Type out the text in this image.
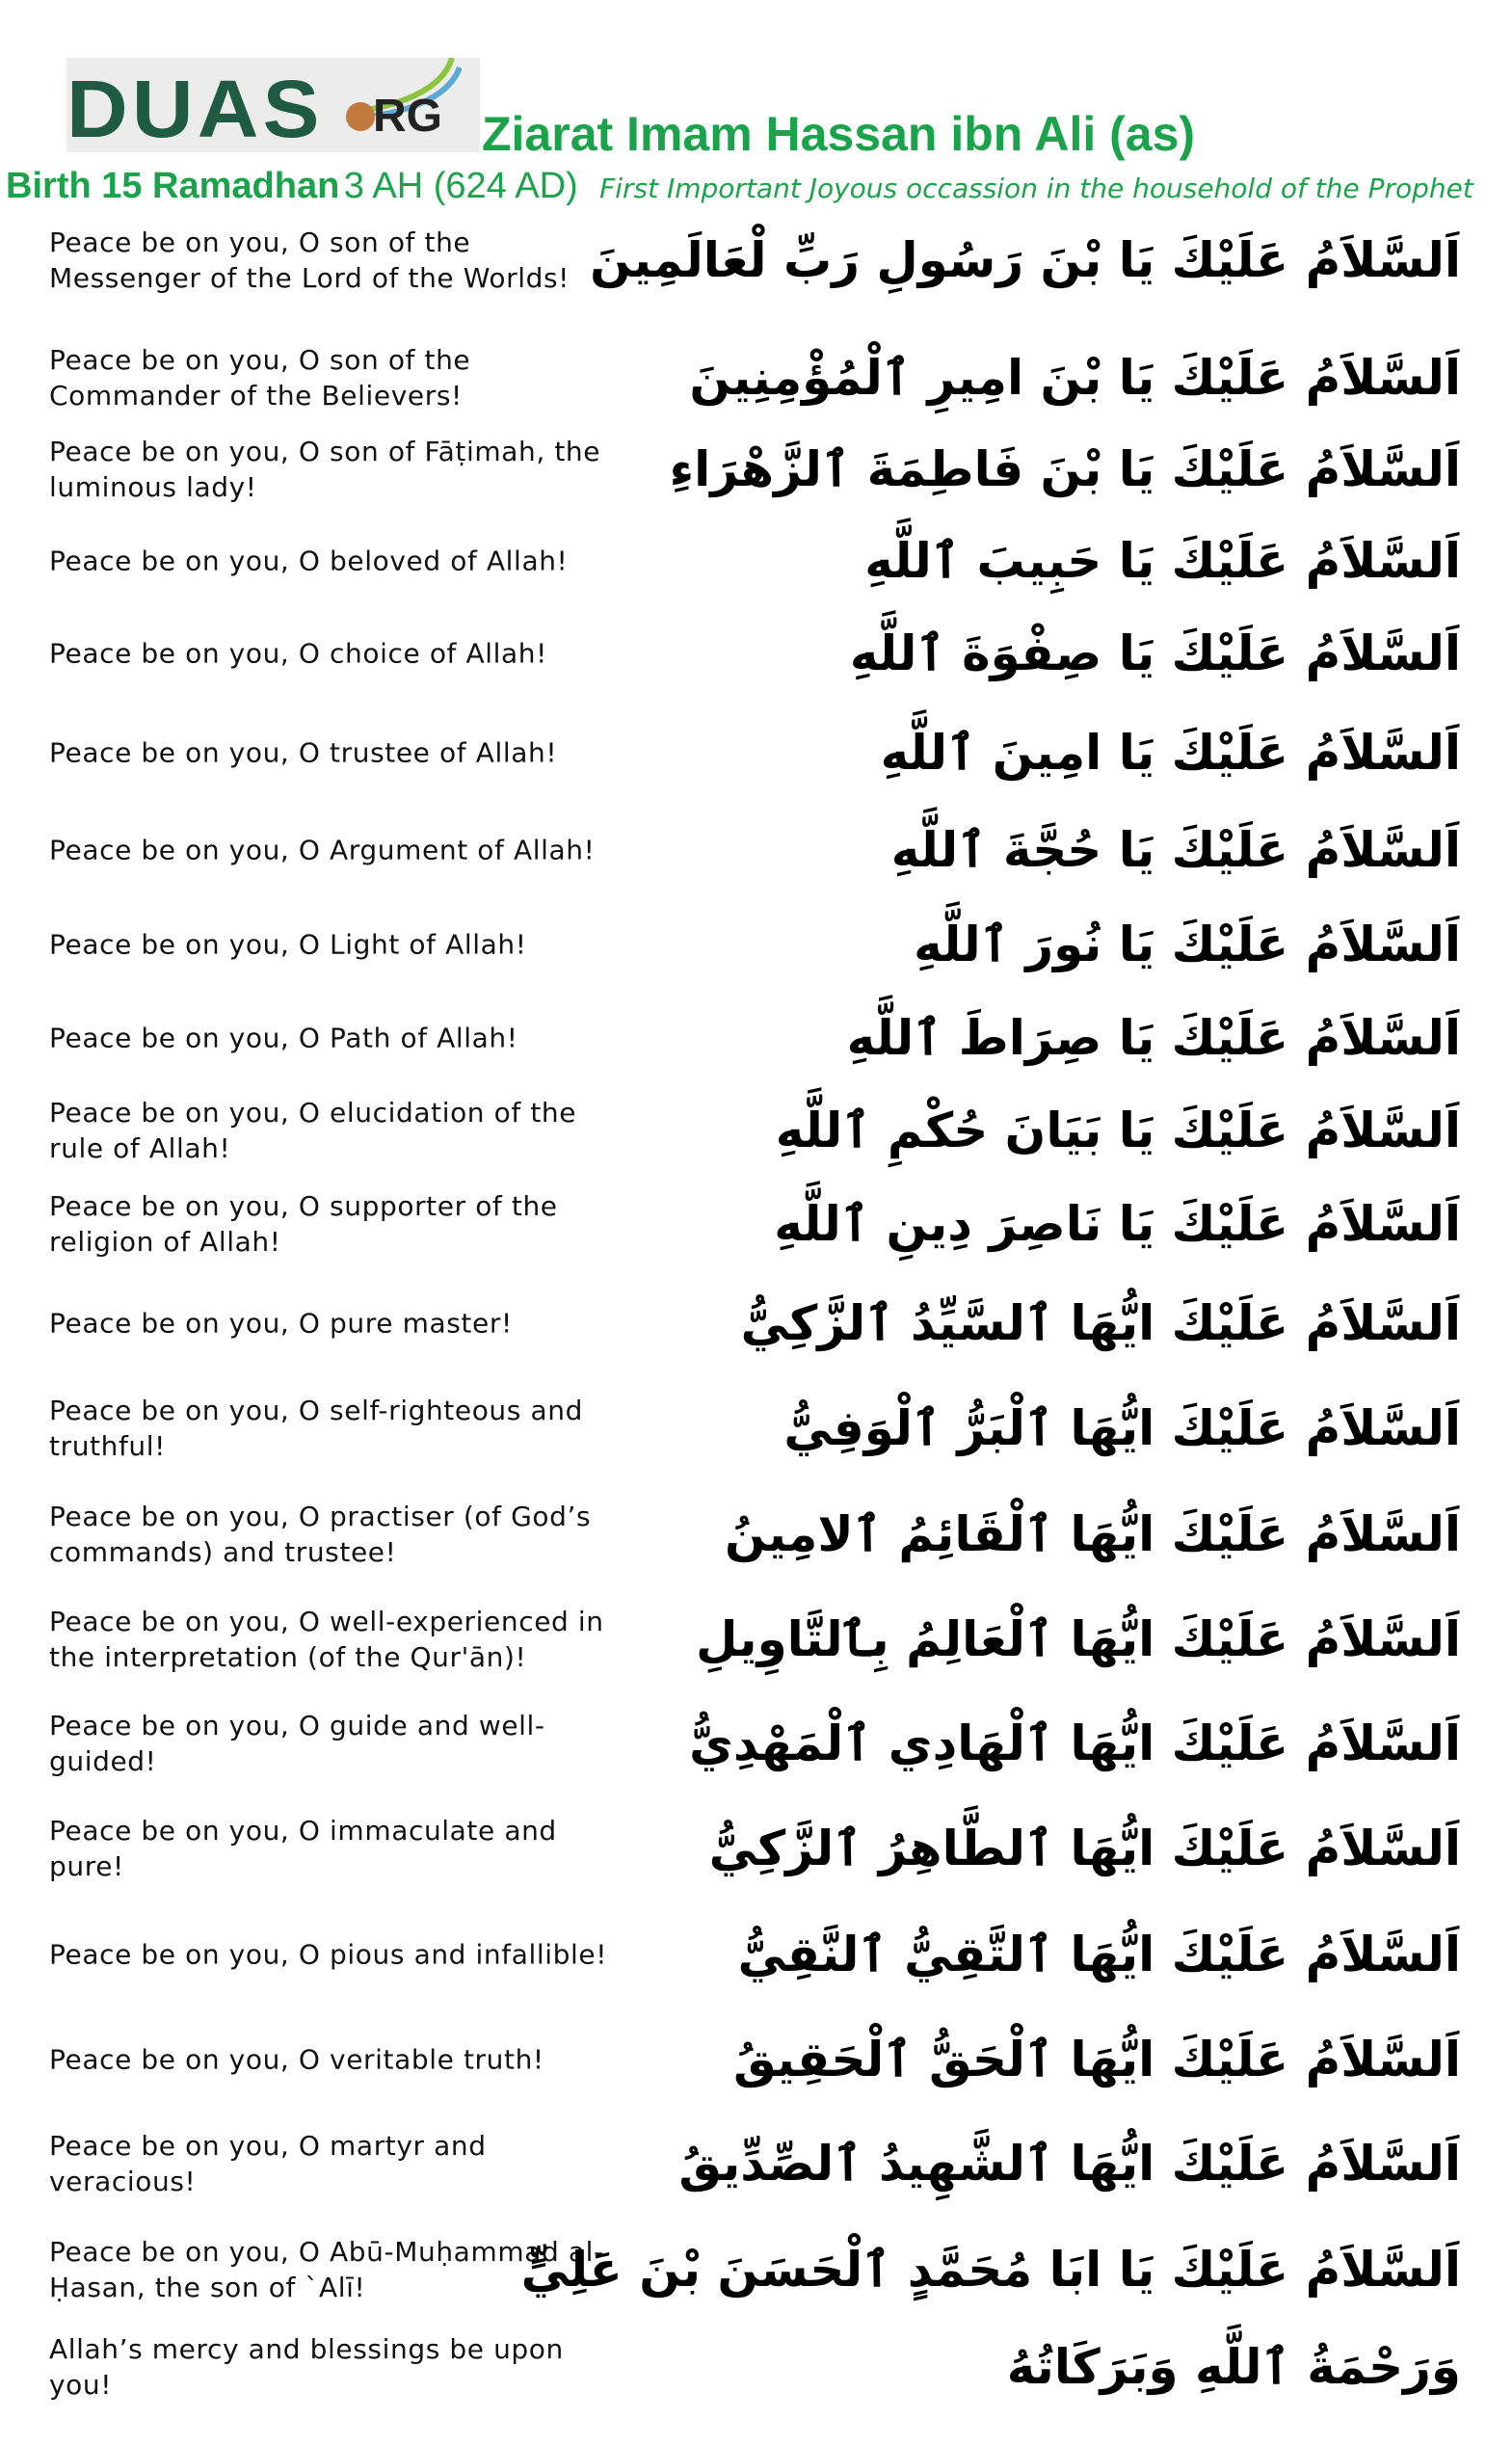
DUAS RG Ziarat Imam Hassan ibn Ali (as)
Birth 15 Ramadhan 3 AH (624 AD) First Important Joyous occassion in the household of the Prophet
Peace be on you, O son of the Messenger of the Lord of the Worlds! اَلسَّلاَمُ عَلَيْكَ يَا بْنَ رَسُولِ رَبِّ لْعَالَمِينَ
Peace be on you, O son of the Commander of the Believers!	اَلسَّلاَمُ عَلَيْكَ يَا بْنَ امِيرِ ٱلْمُؤْمِنِينَ
Peace be on you, O son of Fāṭimah, the luminous lady!	اَلسَّلاَمُ عَلَيْكَ يَا بْنَ فَاطِمَةَ ٱلزَّهْرَاءِ
Peace be on you, O beloved of Allah!	اَلسَّلاَمُ عَلَيْكَ يَا حَبِيبَ ٱللَّهِ
Peace be on you, O choice of Allah!	اَلسَّلاَمُ عَلَيْكَ يَا صِفْوَةَ ٱللَّهِ
Peace be on you, O trustee of Allah!	اَلسَّلاَمُ عَلَيْكَ يَا امِينَ ٱللَّهِ
Peace be on you, O Argument of Allah!	اَلسَّلاَمُ عَلَيْكَ يَا حُجَّةَ ٱللَّهِ
Peace be on you, O Light of Allah!	اَلسَّلاَمُ عَلَيْكَ يَا نُورَ ٱللَّهِ
Peace be on you, O Path of Allah!	اَلسَّلاَمُ عَلَيْكَ يَا صِرَاطَ ٱللَّهِ
Peace be on you, O elucidation of the rule of Allah!	اَلسَّلاَمُ عَلَيْكَ يَا بَيَانَ حُكْمِ ٱللَّهِ
Peace be on you, O supporter of the religion of Allah!	اَلسَّلاَمُ عَلَيْكَ يَا نَاصِرَ دِينِ ٱللَّهِ
Peace be on you, O pure master!	اَلسَّلاَمُ عَلَيْكَ ايُّهَا ٱلسَّيِّدُ ٱلزَّكِيُّ
Peace be on you, O self-righteous and truthful!	اَلسَّلاَمُ عَلَيْكَ ايُّهَا ٱلْبَرُّ ٱلْوَفِيُّ
Peace be on you, O practiser (of God’s commands) and trustee!	اَلسَّلاَمُ عَلَيْكَ ايُّهَا ٱلْقَائِمُ ٱلامِينُ
Peace be on you, O well-experienced in the interpretation (of the Qur'ān)!	اَلسَّلاَمُ عَلَيْكَ ايُّهَا ٱلْعَالِمُ بِٱلتَّاوِيلِ
Peace be on you, O guide and well-guided!	اَلسَّلاَمُ عَلَيْكَ ايُّهَا ٱلْهَادِي ٱلْمَهْدِيُّ
Peace be on you, O immaculate and pure!	اَلسَّلاَمُ عَلَيْكَ ايُّهَا ٱلطَّاهِرُ ٱلزَّكِيُّ
Peace be on you, O pious and infallible!	اَلسَّلاَمُ عَلَيْكَ ايُّهَا ٱلتَّقِيُّ ٱلنَّقِيُّ
Peace be on you, O veritable truth!	اَلسَّلاَمُ عَلَيْكَ ايُّهَا ٱلْحَقُّ ٱلْحَقِيقُ
Peace be on you, O martyr and veracious!	اَلسَّلاَمُ عَلَيْكَ ايُّهَا ٱلشَّهِيدُ ٱلصِّدِّيقُ
Peace be on you, O Abū-Muḥammad al-Ḥasan, the son of `Alī!	اَلسَّلاَمُ عَلَيْكَ يَا ابَا مُحَمَّدٍ ٱلْحَسَنَ بْنَ عَلِيٍّ
Allah’s mercy and blessings be upon you!	وَرَحْمَةُ ٱللَّهِ وَبَرَكَاتُهُ
